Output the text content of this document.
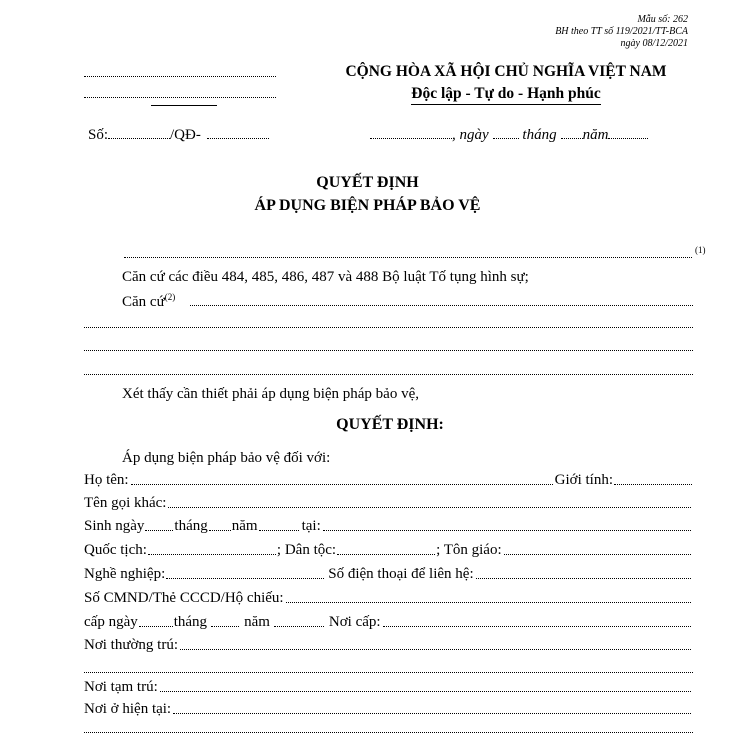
Mẫu số: 262
BH theo TT số 119/2021/TT-BCA
ngày 08/12/2021
CỘNG HÒA XÃ HỘI CHỦ NGHĨA VIỆT NAM
Độc lập - Tự do - Hạnh phúc
Số:	/QĐ-	, ngày tháng năm
QUYẾT ĐỊNH
ÁP DỤNG BIỆN PHÁP BẢO VỆ
(1)
Căn cứ các điều 484, 485, 486, 487 và 488 Bộ luật Tố tụng hình sự;
Căn cứ$^{(2)}$
Xét thấy cần thiết phải áp dụng biện pháp bảo vệ,
QUYẾT ĐỊNH:
Áp dụng biện pháp bảo vệ đối với:
Họ tên:	Giới tính:
Tên gọi khác:
Sinh ngày tháng năm	tại:
Quốc tịch:	; Dân tộc:	; Tôn giáo:
Nghề nghiệp:	Số điện thoại để liên hệ:
Số CMND/Thẻ CCCD/Hộ chiếu:
cấp ngày tháng năm	Nơi cấp:
Nơi thường trú:
Nơi tạm trú:
Nơi ở hiện tại:
